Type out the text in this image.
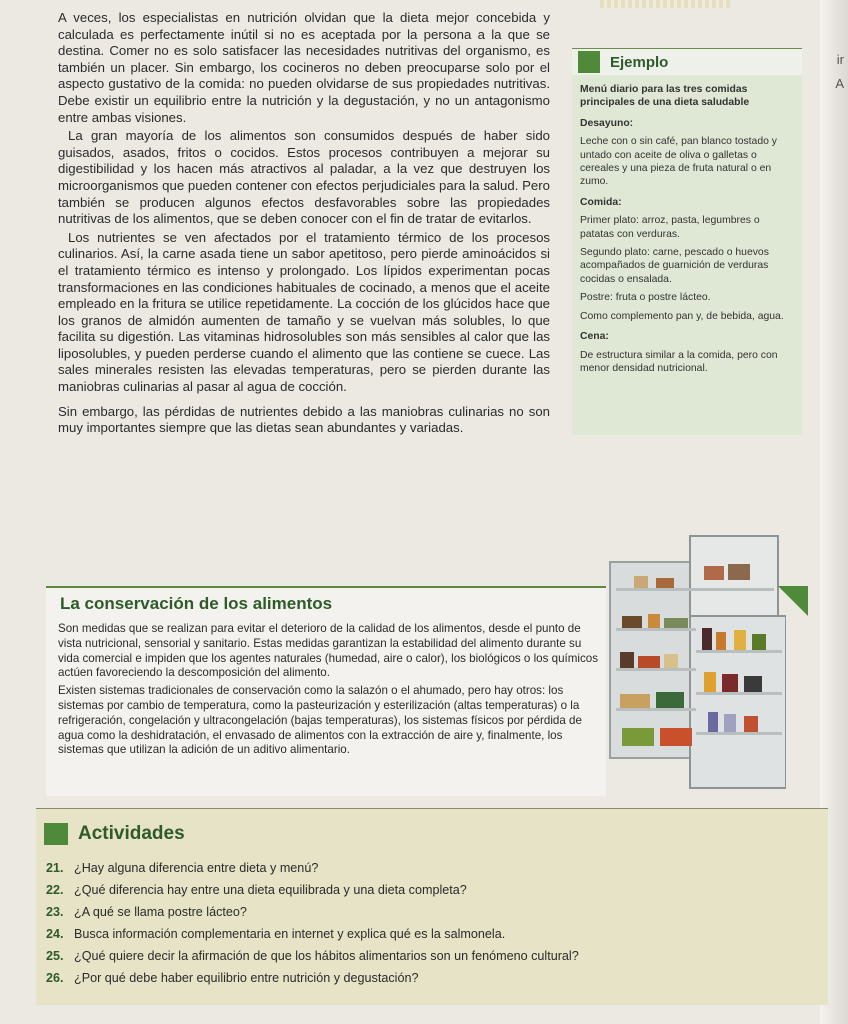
ir
A

A veces, los especialistas en nutrición olvidan que la dieta mejor concebida y calculada es perfectamente inútil si no es aceptada por la persona a la que se destina. Comer no es solo satisfacer las necesidades nutritivas del organismo, es también un placer. Sin embargo, los cocineros no deben preocuparse solo por el aspecto gustativo de la comida: no pueden olvidarse de sus propiedades nutritivas. Debe existir un equilibrio entre la nutrición y la degustación, y no un antagonismo entre ambas visiones.

La gran mayoría de los alimentos son consumidos después de haber sido guisados, asados, fritos o cocidos. Estos procesos contribuyen a mejorar su digestibilidad y los hacen más atractivos al paladar, a la vez que destruyen los microorganismos que pueden contener con efectos perjudiciales para la salud. Pero también se producen algunos efectos desfavorables sobre las propiedades nutritivas de los alimentos, que se deben conocer con el fin de tratar de evitarlos.

Los nutrientes se ven afectados por el tratamiento térmico de los procesos culinarios. Así, la carne asada tiene un sabor apetitoso, pero pierde aminoácidos si el tratamiento térmico es intenso y prolongado. Los lípidos experimentan pocas transformaciones en las condiciones habituales de cocinado, a menos que el aceite empleado en la fritura se utilice repetidamente. La cocción de los glúcidos hace que los granos de almidón aumenten de tamaño y se vuelvan más solubles, lo que facilita su digestión. Las vitaminas hidrosolubles son más sensibles al calor que las liposolubles, y pueden perderse cuando el alimento que las contiene se cuece. Las sales minerales resisten las elevadas temperaturas, pero se pierden durante las maniobras culinarias al pasar al agua de cocción.

Sin embargo, las pérdidas de nutrientes debido a las maniobras culinarias no son muy importantes siempre que las dietas sean abundantes y variadas.

Ejemplo
Menú diario para las tres comidas principales de una dieta saludable
Desayuno:
Leche con o sin café, pan blanco tostado y untado con aceite de oliva o galletas o cereales y una pieza de fruta natural o en zumo.
Comida:
Primer plato: arroz, pasta, legumbres o patatas con verduras.
Segundo plato: carne, pescado o huevos acompañados de guarnición de verduras cocidas o ensalada.
Postre: fruta o postre lácteo.
Como complemento pan y, de bebida, agua.
Cena:
De estructura similar a la comida, pero con menor densidad nutricional.
La conservación de los alimentos

Son medidas que se realizan para evitar el deterioro de la calidad de los alimentos, desde el punto de vista nutricional, sensorial y sanitario. Estas medidas garantizan la estabilidad del alimento durante su vida comercial e impiden que los agentes naturales (humedad, aire o calor), los biológicos o los químicos actúen favoreciendo la descomposición del alimento.

Existen sistemas tradicionales de conservación como la salazón o el ahumado, pero hay otros: los sistemas por cambio de temperatura, como la pasteurización y esterilización (altas temperaturas) o la refrigeración, congelación y ultracongelación (bajas temperaturas), los sistemas físicos por pérdida de agua como la deshidratación, el envasado de alimentos con la extracción de aire y, finalmente, los sistemas que utilizan la adición de un aditivo alimentario.

Actividades
21. ¿Hay alguna diferencia entre dieta y menú?
22. ¿Qué diferencia hay entre una dieta equilibrada y una dieta completa?
23. ¿A qué se llama postre lácteo?
24. Busca información complementaria en internet y explica qué es la salmonela.
25. ¿Qué quiere decir la afirmación de que los hábitos alimentarios son un fenómeno cultural?
26. ¿Por qué debe haber equilibrio entre nutrición y degustación?
